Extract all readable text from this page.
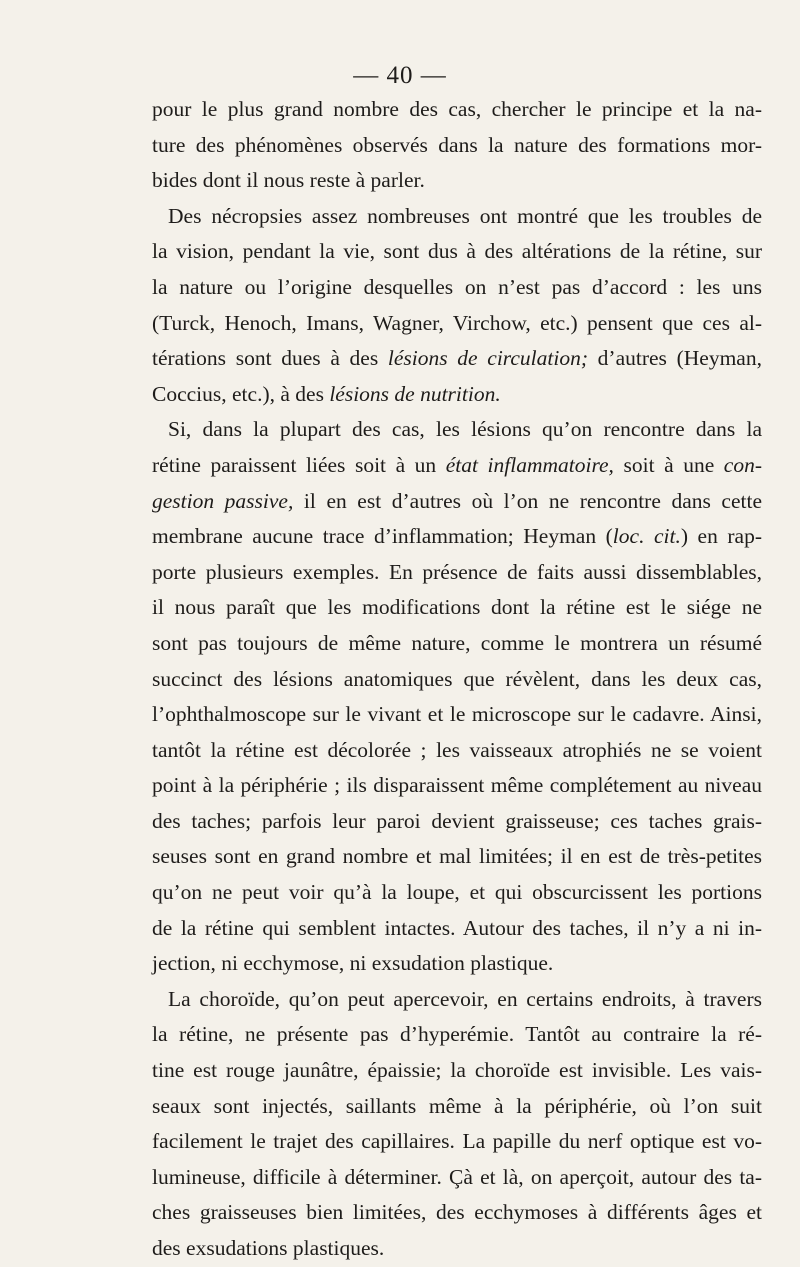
— 40 —
pour le plus grand nombre des cas, chercher le principe et la na-
ture des phénomènes observés dans la nature des formations mor-
bides dont il nous reste à parler.
Des nécropsies assez nombreuses ont montré que les troubles de
la vision, pendant la vie, sont dus à des altérations de la rétine, sur
la nature ou l’origine desquelles on n’est pas d’accord : les uns
(Turck, Henoch, Imans, Wagner, Virchow, etc.) pensent que ces al-
térations sont dues à des lésions de circulation; d’autres (Heyman,
Coccius, etc.), à des lésions de nutrition.
Si, dans la plupart des cas, les lésions qu’on rencontre dans la
rétine paraissent liées soit à un état inflammatoire, soit à une con-
gestion passive, il en est d’autres où l’on ne rencontre dans cette
membrane aucune trace d’inflammation; Heyman (loc. cit.) en rap-
porte plusieurs exemples. En présence de faits aussi dissemblables,
il nous paraît que les modifications dont la rétine est le siége ne
sont pas toujours de même nature, comme le montrera un résumé
succinct des lésions anatomiques que révèlent, dans les deux cas,
l’ophthalmoscope sur le vivant et le microscope sur le cadavre. Ainsi,
tantôt la rétine est décolorée ; les vaisseaux atrophiés ne se voient
point à la périphérie ; ils disparaissent même complétement au niveau
des taches; parfois leur paroi devient graisseuse; ces taches grais-
seuses sont en grand nombre et mal limitées; il en est de très-petites
qu’on ne peut voir qu’à la loupe, et qui obscurcissent les portions
de la rétine qui semblent intactes. Autour des taches, il n’y a ni in-
jection, ni ecchymose, ni exsudation plastique.
La choroïde, qu’on peut apercevoir, en certains endroits, à travers
la rétine, ne présente pas d’hyperémie. Tantôt au contraire la ré-
tine est rouge jaunâtre, épaissie; la choroïde est invisible. Les vais-
seaux sont injectés, saillants même à la périphérie, où l’on suit
facilement le trajet des capillaires. La papille du nerf optique est vo-
lumineuse, difficile à déterminer. Çà et là, on aperçoit, autour des ta-
ches graisseuses bien limitées, des ecchymoses à différents âges et
des exsudations plastiques.
